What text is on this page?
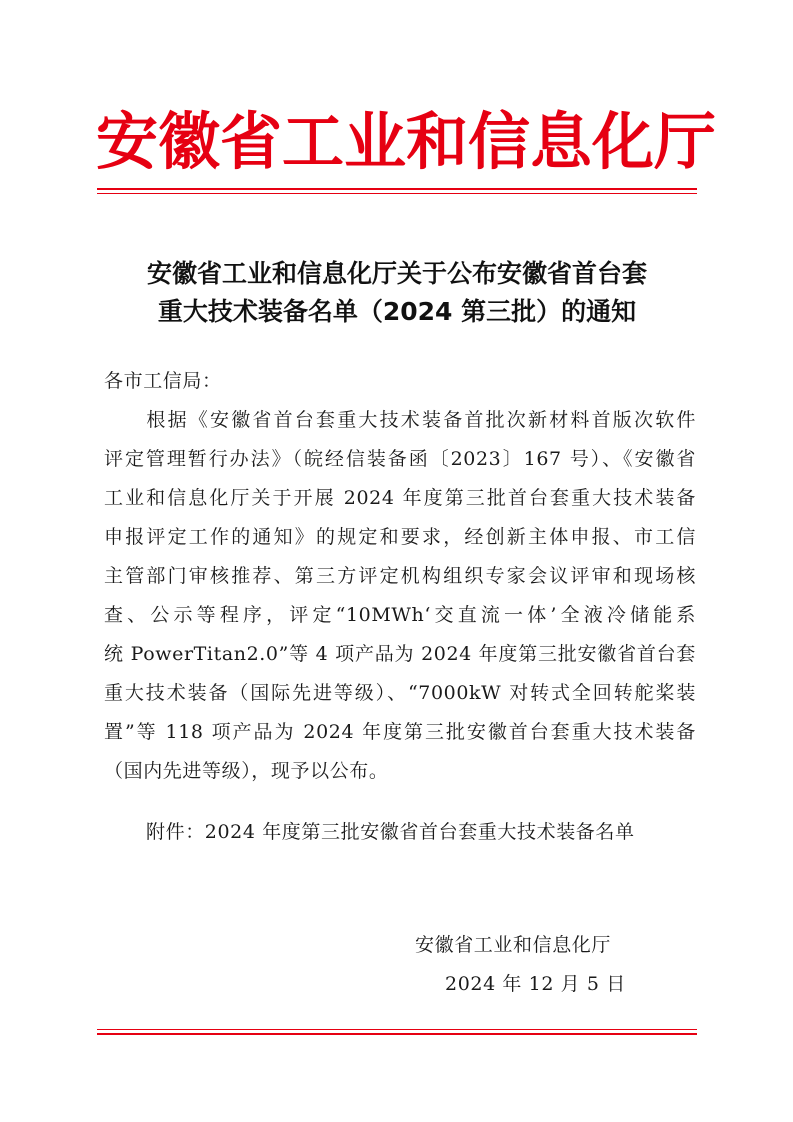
安徽省工业和信息化厅
安徽省工业和信息化厅关于公布安徽省首台套
重大技术装备名单（2024 第三批）的通知
各市工信局：
　　根据《安徽省首台套重大技术装备首批次新材料首版次软件
评定管理暂行办法》（皖经信装备函〔2023〕167 号）、《安徽省
工业和信息化厅关于开展 2024 年度第三批首台套重大技术装备
申报评定工作的通知》的规定和要求，经创新主体申报、市工信
主管部门审核推荐、第三方评定机构组织专家会议评审和现场核
查、公示等程序，评定“10MWh‘交直流一体’全液冷储能系
统 PowerTitan2.0”等 4 项产品为 2024 年度第三批安徽省首台套
重大技术装备（国际先进等级）、“7000kW 对转式全回转舵桨装
置”等 118 项产品为 2024 年度第三批安徽首台套重大技术装备
（国内先进等级），现予以公布。
附件：2024 年度第三批安徽省首台套重大技术装备名单
安徽省工业和信息化厅
2024 年 12 月 5 日
